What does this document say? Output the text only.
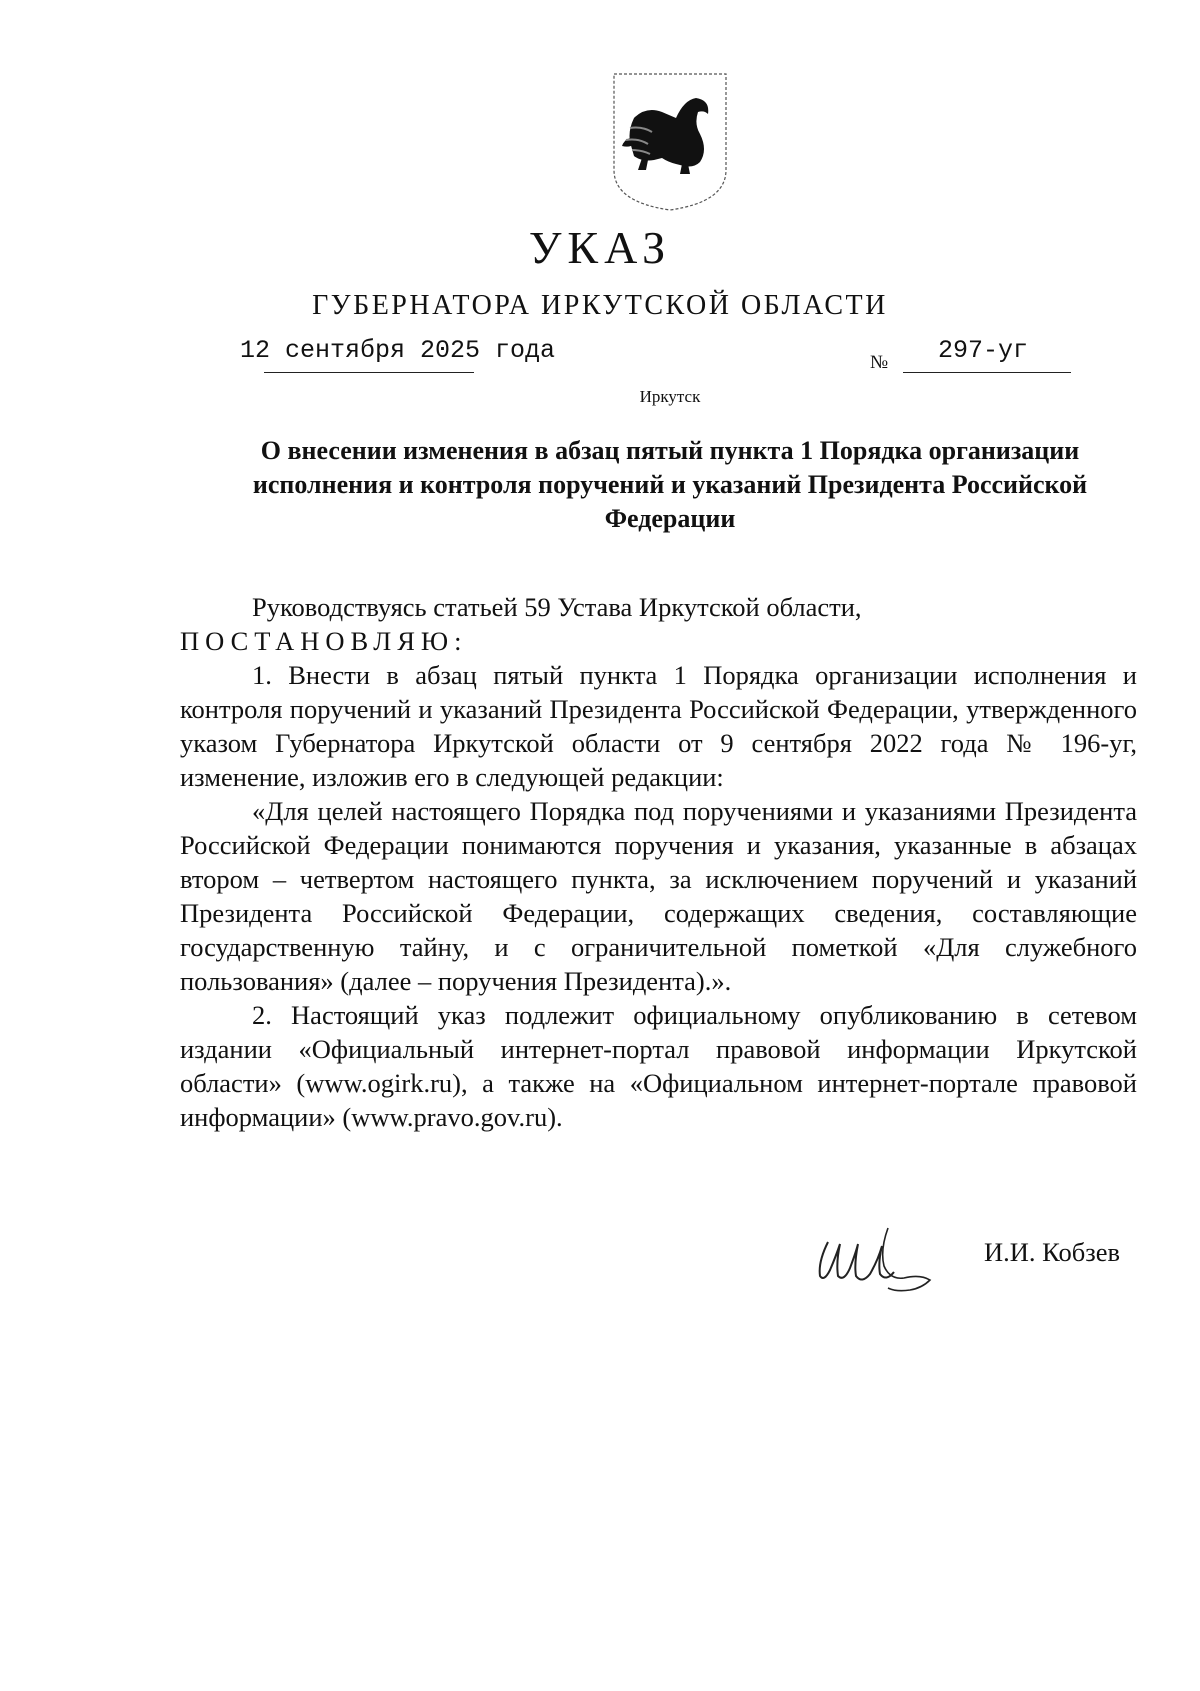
УКАЗ
ГУБЕРНАТОРА ИРКУТСКОЙ ОБЛАСТИ
12 сентября 2025 года	№ 297-уг
Иркутск
О внесении изменения в абзац пятый пункта 1 Порядка организации исполнения и контроля поручений и указаний Президента Российской Федерации

Руководствуясь статьей 59 Устава Иркутской области,

ПОСТАНОВЛЯЮ:

1. Внести в абзац пятый пункта 1 Порядка организации исполнения и контроля поручений и указаний Президента Российской Федерации, утвержденного указом Губернатора Иркутской области от 9 сентября 2022 года № 196-уг, изменение, изложив его в следующей редакции:

«Для целей настоящего Порядка под поручениями и указаниями Президента Российской Федерации понимаются поручения и указания, указанные в абзацах втором – четвертом настоящего пункта, за исключением поручений и указаний Президента Российской Федерации, содержащих сведения, составляющие государственную тайну, и с ограничительной пометкой «Для служебного пользования» (далее – поручения Президента).».

2. Настоящий указ подлежит официальному опубликованию в сетевом издании «Официальный интернет-портал правовой информации Иркутской области» (www.ogirk.ru), а также на «Официальном интернет-портале правовой информации» (www.pravo.gov.ru).

И.И. Кобзев
